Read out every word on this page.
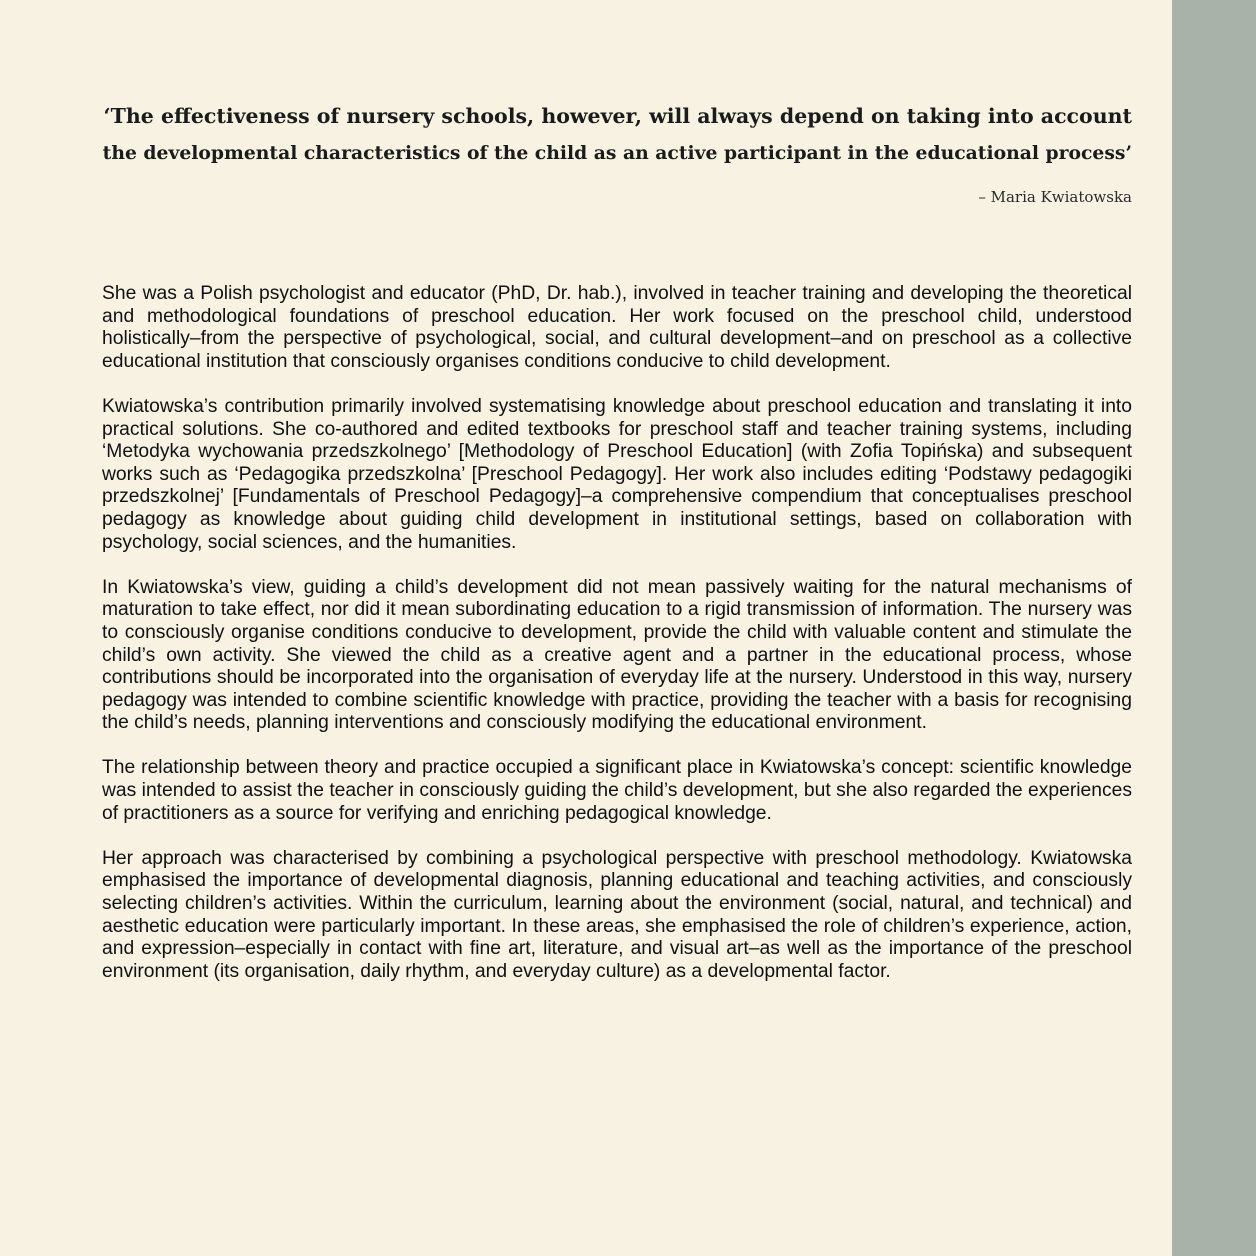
‘The effectiveness of nursery schools, however, will always depend on taking into account

the developmental characteristics of the child as an active participant in the educational process’

– Maria Kwiatowska

She was a Polish psychologist and educator (PhD, Dr. hab.), involved in teacher training and developing the theoretical and methodological foundations of preschool education. Her work focused on the preschool child, understood holistically–from the perspective of psychological, social, and cultural development–and on preschool as a collective educational institution that consciously organises conditions conducive to child development.

Kwiatowska’s contribution primarily involved systematising knowledge about preschool education and translating it into practical solutions. She co-authored and edited textbooks for preschool staff and teacher training systems, including ‘Metodyka wychowania przedszkolnego’ [Methodology of Preschool Education] (with Zofia Topińska) and subsequent works such as ‘Pedagogika przedszkolna’ [Preschool Pedagogy]. Her work also includes editing ‘Podstawy pedagogiki przedszkolnej’ [Fundamentals of Preschool Pedagogy]–a comprehensive compendium that conceptualises preschool pedagogy as knowledge about guiding child development in institutional settings, based on collaboration with psychology, social sciences, and the humanities.

In Kwiatowska’s view, guiding a child’s development did not mean passively waiting for the natural mechanisms of maturation to take effect, nor did it mean subordinating education to a rigid transmission of information. The nursery was to consciously organise conditions conducive to development, provide the child with valuable content and stimulate the child’s own activity. She viewed the child as a creative agent and a partner in the educational process, whose contributions should be incorporated into the organisation of everyday life at the nursery. Understood in this way, nursery pedagogy was intended to combine scientific knowledge with practice, providing the teacher with a basis for recognising the child’s needs, planning interventions and consciously modifying the educational environment.

The relationship between theory and practice occupied a significant place in Kwiatowska’s concept: scientific knowledge was intended to assist the teacher in consciously guiding the child’s development, but she also regarded the experiences of practitioners as a source for verifying and enriching pedagogical knowledge.

Her approach was characterised by combining a psychological perspective with preschool methodology. Kwiatowska emphasised the importance of developmental diagnosis, planning educational and teaching activities, and consciously selecting children’s activities. Within the curriculum, learning about the environment (social, natural, and technical) and aesthetic education were particularly important. In these areas, she emphasised the role of children’s experience, action, and expression–especially in contact with fine art, literature, and visual art–as well as the importance of the preschool environment (its organisation, daily rhythm, and everyday culture) as a developmental factor.
